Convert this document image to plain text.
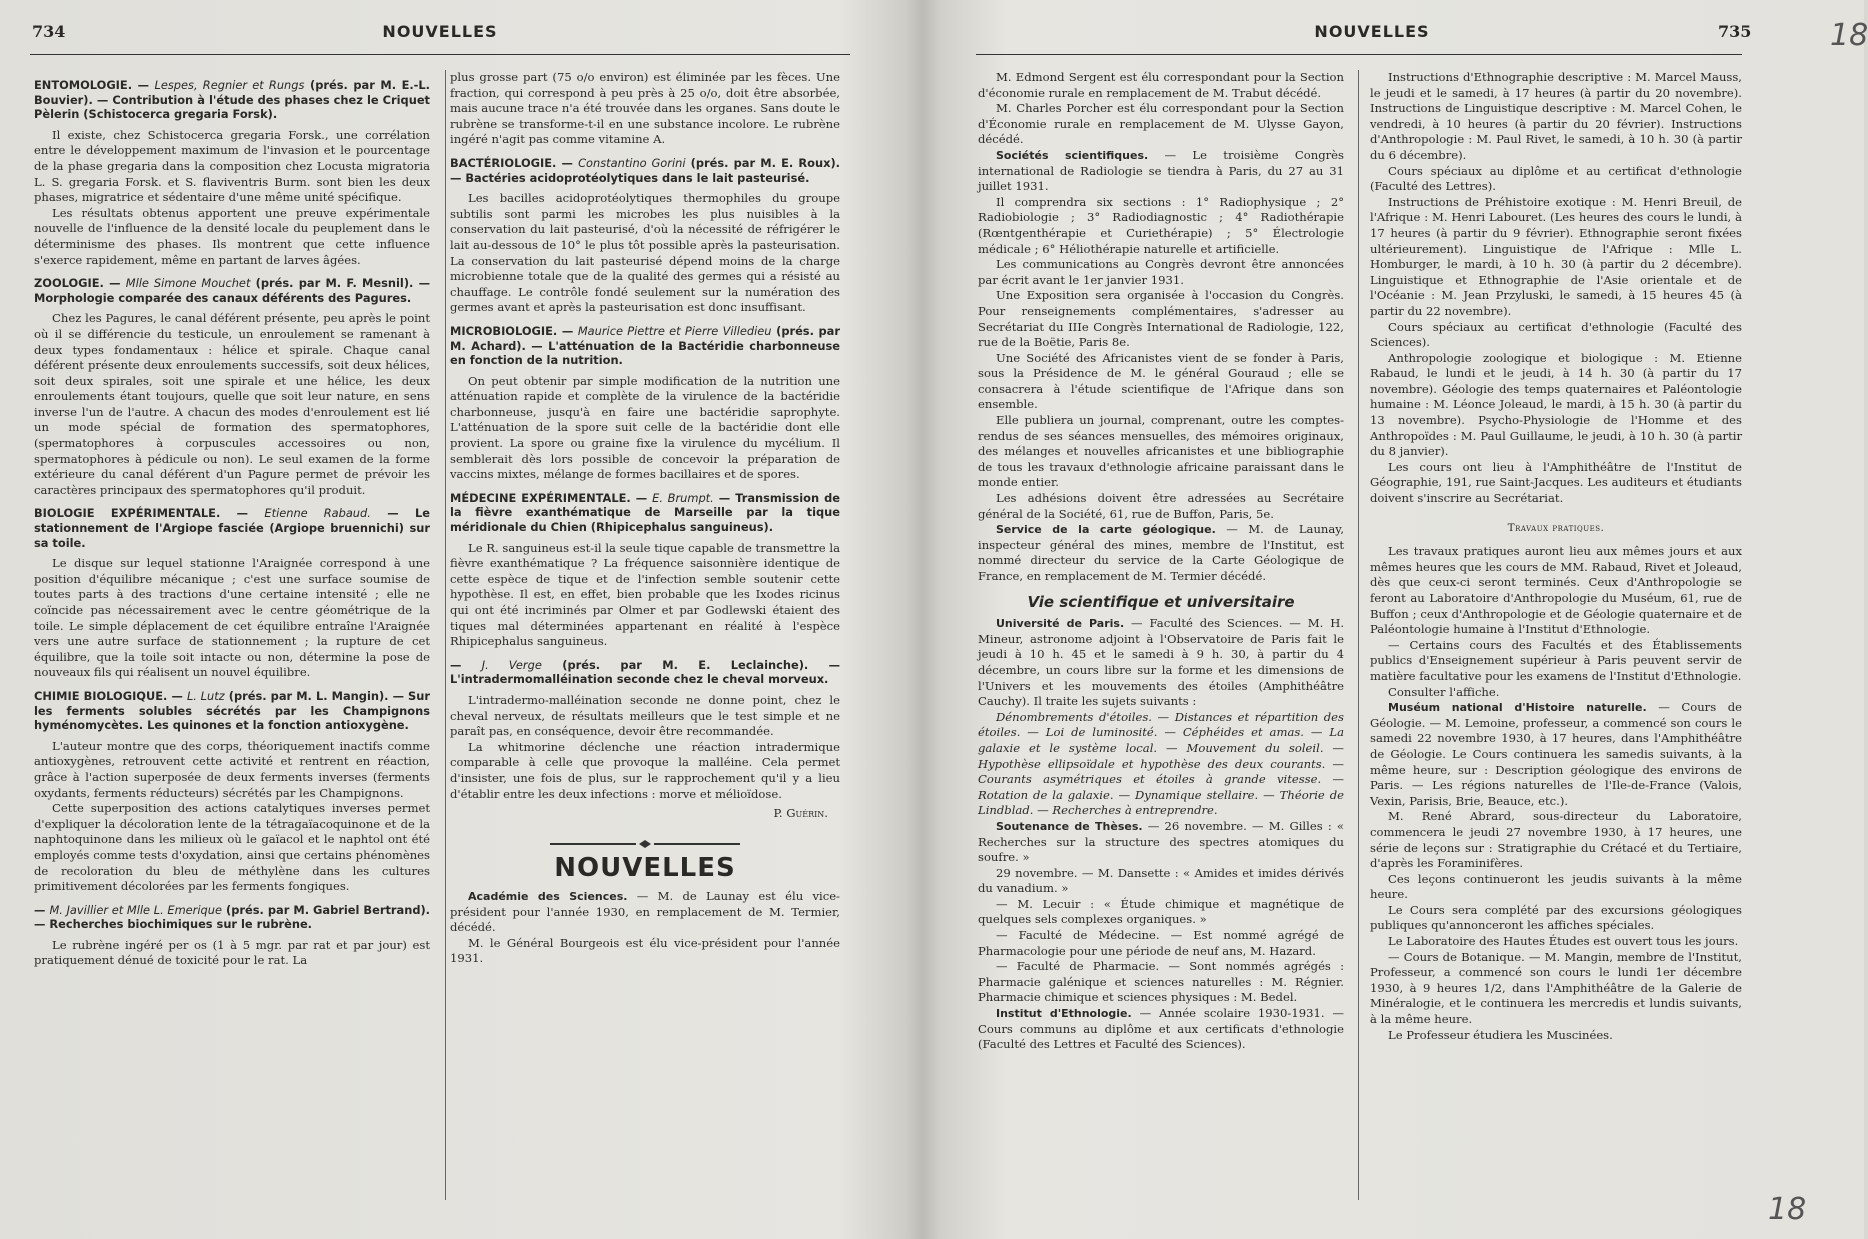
734	NOUVELLES

ENTOMOLOGIE. — Lespes, Regnier et Rungs (prés. par M. E.-L. Bouvier). — Contribution à l'étude des phases chez le Criquet Pèlerin (Schistocerca gregaria Forsk).

Il existe, chez Schistocerca gregaria Forsk., une corrélation entre le développement maximum de l'invasion et le pourcentage de la phase gregaria dans la composition chez Locusta migratoria L. S. gregaria Forsk. et S. flaviventris Burm. sont bien les deux phases, migratrice et sédentaire d'une même unité spécifique.

Les résultats obtenus apportent une preuve expérimentale nouvelle de l'influence de la densité locale du peuplement dans le déterminisme des phases. Ils montrent que cette influence s'exerce rapidement, même en partant de larves âgées.

ZOOLOGIE. — Mlle Simone Mouchet (prés. par M. F. Mesnil). — Morphologie comparée des canaux déférents des Pagures.

Chez les Pagures, le canal déférent présente, peu après le point où il se différencie du testicule, un enroulement se ramenant à deux types fondamentaux : hélice et spirale. Chaque canal déférent présente deux enroulements successifs, soit deux hélices, soit deux spirales, soit une spirale et une hélice, les deux enroulements étant toujours, quelle que soit leur nature, en sens inverse l'un de l'autre. A chacun des modes d'enroulement est lié un mode spécial de formation des spermatophores, (spermatophores à corpuscules accessoires ou non, spermatophores à pédicule ou non). Le seul examen de la forme extérieure du canal déférent d'un Pagure permet de prévoir les caractères principaux des spermatophores qu'il produit.

BIOLOGIE EXPÉRIMENTALE. — Etienne Rabaud. — Le stationnement de l'Argiope fasciée (Argiope bruennichi) sur sa toile.

Le disque sur lequel stationne l'Araignée correspond à une position d'équilibre mécanique ; c'est une surface soumise de toutes parts à des tractions d'une certaine intensité ; elle ne coïncide pas nécessairement avec le centre géométrique de la toile. Le simple déplacement de cet équilibre entraîne l'Araignée vers une autre surface de stationnement ; la rupture de cet équilibre, que la toile soit intacte ou non, détermine la pose de nouveaux fils qui réalisent un nouvel équilibre.

CHIMIE BIOLOGIQUE. — L. Lutz (prés. par M. L. Mangin). — Sur les ferments solubles sécrétés par les Champignons hyménomycètes. Les quinones et la fonction antioxygène.

L'auteur montre que des corps, théoriquement inactifs comme antioxygènes, retrouvent cette activité et rentrent en réaction, grâce à l'action superposée de deux ferments inverses (ferments oxydants, ferments réducteurs) sécrétés par les Champignons.

Cette superposition des actions catalytiques inverses permet d'expliquer la décoloration lente de la tétragaïacoquinone et de la naphtoquinone dans les milieux où le gaïacol et le naphtol ont été employés comme tests d'oxydation, ainsi que certains phénomènes de recoloration du bleu de méthylène dans les cultures primitivement décolorées par les ferments fongiques.

— M. Javillier et Mlle L. Emerique (prés. par M. Gabriel Bertrand). — Recherches biochimiques sur le rubrène.

Le rubrène ingéré per os (1 à 5 mgr. par rat et par jour) est pratiquement dénué de toxicité pour le rat. La

plus grosse part (75 o/o environ) est éliminée par les fèces. Une fraction, qui correspond à peu près à 25 o/o, doit être absorbée, mais aucune trace n'a été trouvée dans les organes. Sans doute le rubrène se transforme-t-il en une substance incolore. Le rubrène ingéré n'agit pas comme vitamine A.

BACTÉRIOLOGIE. — Constantino Gorini (prés. par M. E. Roux). — Bactéries acidoprotéolytiques dans le lait pasteurisé.

Les bacilles acidoprotéolytiques thermophiles du groupe subtilis sont parmi les microbes les plus nuisibles à la conservation du lait pasteurisé, d'où la nécessité de réfrigérer le lait au-dessous de 10° le plus tôt possible après la pasteurisation. La conservation du lait pasteurisé dépend moins de la charge microbienne totale que de la qualité des germes qui a résisté au chauffage. Le contrôle fondé seulement sur la numération des germes avant et après la pasteurisation est donc insuffisant.

MICROBIOLOGIE. — Maurice Piettre et Pierre Villedieu (prés. par M. Achard). — L'atténuation de la Bactéridie charbonneuse en fonction de la nutrition.

On peut obtenir par simple modification de la nutrition une atténuation rapide et complète de la virulence de la bactéridie charbonneuse, jusqu'à en faire une bactéridie saprophyte. L'atténuation de la spore suit celle de la bactéridie dont elle provient. La spore ou graine fixe la virulence du mycélium. Il semblerait dès lors possible de concevoir la préparation de vaccins mixtes, mélange de formes bacillaires et de spores.

MÉDECINE EXPÉRIMENTALE. — E. Brumpt. — Transmission de la fièvre exanthématique de Marseille par la tique méridionale du Chien (Rhipicephalus sanguineus).

Le R. sanguineus est-il la seule tique capable de transmettre la fièvre exanthématique ? La fréquence saisonnière identique de cette espèce de tique et de l'infection semble soutenir cette hypothèse. Il est, en effet, bien probable que les Ixodes ricinus qui ont été incriminés par Olmer et par Godlewski étaient des tiques mal déterminées appartenant en réalité à l'espèce Rhipicephalus sanguineus.

— J. Verge (prés. par M. E. Leclainche). — L'intradermomalléination seconde chez le cheval morveux.

L'intradermo-malléination seconde ne donne point, chez le cheval nerveux, de résultats meilleurs que le test simple et ne paraît pas, en conséquence, devoir être recommandée.

La whitmorine déclenche une réaction intradermique comparable à celle que provoque la malléine. Cela permet d'insister, une fois de plus, sur le rapprochement qu'il y a lieu d'établir entre les deux infections : morve et mélioïdose.

P. Guérin.
NOUVELLES

Académie des Sciences. — M. de Launay est élu vice-président pour l'année 1930, en remplacement de M. Termier, décédé.

M. le Général Bourgeois est élu vice-président pour l'année 1931.

NOUVELLES	735	18
18

M. Edmond Sergent est élu correspondant pour la Section d'économie rurale en remplacement de M. Trabut décédé.

M. Charles Porcher est élu correspondant pour la Section d'Économie rurale en remplacement de M. Ulysse Gayon, décédé.

Sociétés scientifiques. — Le troisième Congrès international de Radiologie se tiendra à Paris, du 27 au 31 juillet 1931.

Il comprendra six sections : 1° Radiophysique ; 2° Radiobiologie ; 3° Radiodiagnostic ; 4° Radiothérapie (Rœntgenthérapie et Curiethérapie) ; 5° Électrologie médicale ; 6° Héliothérapie naturelle et artificielle.

Les communications au Congrès devront être annoncées par écrit avant le 1er janvier 1931.

Une Exposition sera organisée à l'occasion du Congrès. Pour renseignements complémentaires, s'adresser au Secrétariat du IIIe Congrès International de Radiologie, 122, rue de la Boëtie, Paris 8e.

Une Société des Africanistes vient de se fonder à Paris, sous la Présidence de M. le général Gouraud ; elle se consacrera à l'étude scientifique de l'Afrique dans son ensemble.

Elle publiera un journal, comprenant, outre les comptes-rendus de ses séances mensuelles, des mémoires originaux, des mélanges et nouvelles africanistes et une bibliographie de tous les travaux d'ethnologie africaine paraissant dans le monde entier.

Les adhésions doivent être adressées au Secrétaire général de la Société, 61, rue de Buffon, Paris, 5e.

Service de la carte géologique. — M. de Launay, inspecteur général des mines, membre de l'Institut, est nommé directeur du service de la Carte Géologique de France, en remplacement de M. Termier décédé.

Vie scientifique et universitaire

Université de Paris. — Faculté des Sciences. — M. H. Mineur, astronome adjoint à l'Observatoire de Paris fait le jeudi à 10 h. 45 et le samedi à 9 h. 30, à partir du 4 décembre, un cours libre sur la forme et les dimensions de l'Univers et les mouvements des étoiles (Amphithéâtre Cauchy). Il traite les sujets suivants :

Dénombrements d'étoiles. — Distances et répartition des étoiles. — Loi de luminosité. — Céphéides et amas. — La galaxie et le système local. — Mouvement du soleil. — Hypothèse ellipsoïdale et hypothèse des deux courants. — Courants asymétriques et étoiles à grande vitesse. — Rotation de la galaxie. — Dynamique stellaire. — Théorie de Lindblad. — Recherches à entreprendre.

Soutenance de Thèses. — 26 novembre. — M. Gilles : « Recherches sur la structure des spectres atomiques du soufre. »

29 novembre. — M. Dansette : « Amides et imides dérivés du vanadium. »

— M. Lecuir : « Étude chimique et magnétique de quelques sels complexes organiques. »

— Faculté de Médecine. — Est nommé agrégé de Pharmacologie pour une période de neuf ans, M. Hazard.

— Faculté de Pharmacie. — Sont nommés agrégés : Pharmacie galénique et sciences naturelles : M. Régnier. Pharmacie chimique et sciences physiques : M. Bedel.

Institut d'Ethnologie. — Année scolaire 1930-1931. — Cours communs au diplôme et aux certificats d'ethnologie (Faculté des Lettres et Faculté des Sciences).

Instructions d'Ethnographie descriptive : M. Marcel Mauss, le jeudi et le samedi, à 17 heures (à partir du 20 novembre). Instructions de Linguistique descriptive : M. Marcel Cohen, le vendredi, à 10 heures (à partir du 20 février). Instructions d'Anthropologie : M. Paul Rivet, le samedi, à 10 h. 30 (à partir du 6 décembre).

Cours spéciaux au diplôme et au certificat d'ethnologie (Faculté des Lettres).

Instructions de Préhistoire exotique : M. Henri Breuil, de l'Afrique : M. Henri Labouret. (Les heures des cours le lundi, à 17 heures (à partir du 9 février). Ethnographie seront fixées ultérieurement). Linguistique de l'Afrique : Mlle L. Homburger, le mardi, à 10 h. 30 (à partir du 2 décembre). Linguistique et Ethnographie de l'Asie orientale et de l'Océanie : M. Jean Przyluski, le samedi, à 15 heures 45 (à partir du 22 novembre).

Cours spéciaux au certificat d'ethnologie (Faculté des Sciences).

Anthropologie zoologique et biologique : M. Etienne Rabaud, le lundi et le jeudi, à 14 h. 30 (à partir du 17 novembre). Géologie des temps quaternaires et Paléontologie humaine : M. Léonce Joleaud, le mardi, à 15 h. 30 (à partir du 13 novembre). Psycho-Physiologie de l'Homme et des Anthropoïdes : M. Paul Guillaume, le jeudi, à 10 h. 30 (à partir du 8 janvier).

Les cours ont lieu à l'Amphithéâtre de l'Institut de Géographie, 191, rue Saint-Jacques. Les auditeurs et étudiants doivent s'inscrire au Secrétariat.

Travaux pratiques.

Les travaux pratiques auront lieu aux mêmes jours et aux mêmes heures que les cours de MM. Rabaud, Rivet et Joleaud, dès que ceux-ci seront terminés. Ceux d'Anthropologie se feront au Laboratoire d'Anthropologie du Muséum, 61, rue de Buffon ; ceux d'Anthropologie et de Géologie quaternaire et de Paléontologie humaine à l'Institut d'Ethnologie.

— Certains cours des Facultés et des Établissements publics d'Enseignement supérieur à Paris peuvent servir de matière facultative pour les examens de l'Institut d'Ethnologie.

Consulter l'affiche.

Muséum national d'Histoire naturelle. — Cours de Géologie. — M. Lemoine, professeur, a commencé son cours le samedi 22 novembre 1930, à 17 heures, dans l'Amphithéâtre de Géologie. Le Cours continuera les samedis suivants, à la même heure, sur : Description géologique des environs de Paris. — Les régions naturelles de l'Ile-de-France (Valois, Vexin, Parisis, Brie, Beauce, etc.).

M. René Abrard, sous-directeur du Laboratoire, commencera le jeudi 27 novembre 1930, à 17 heures, une série de leçons sur : Stratigraphie du Crétacé et du Tertiaire, d'après les Foraminifères.

Ces leçons continueront les jeudis suivants à la même heure.

Le Cours sera complété par des excursions géologiques publiques qu'annonceront les affiches spéciales.

Le Laboratoire des Hautes Études est ouvert tous les jours.

— Cours de Botanique. — M. Mangin, membre de l'Institut, Professeur, a commencé son cours le lundi 1er décembre 1930, à 9 heures 1/2, dans l'Amphithéâtre de la Galerie de Minéralogie, et le continuera les mercredis et lundis suivants, à la même heure.

Le Professeur étudiera les Muscinées.
